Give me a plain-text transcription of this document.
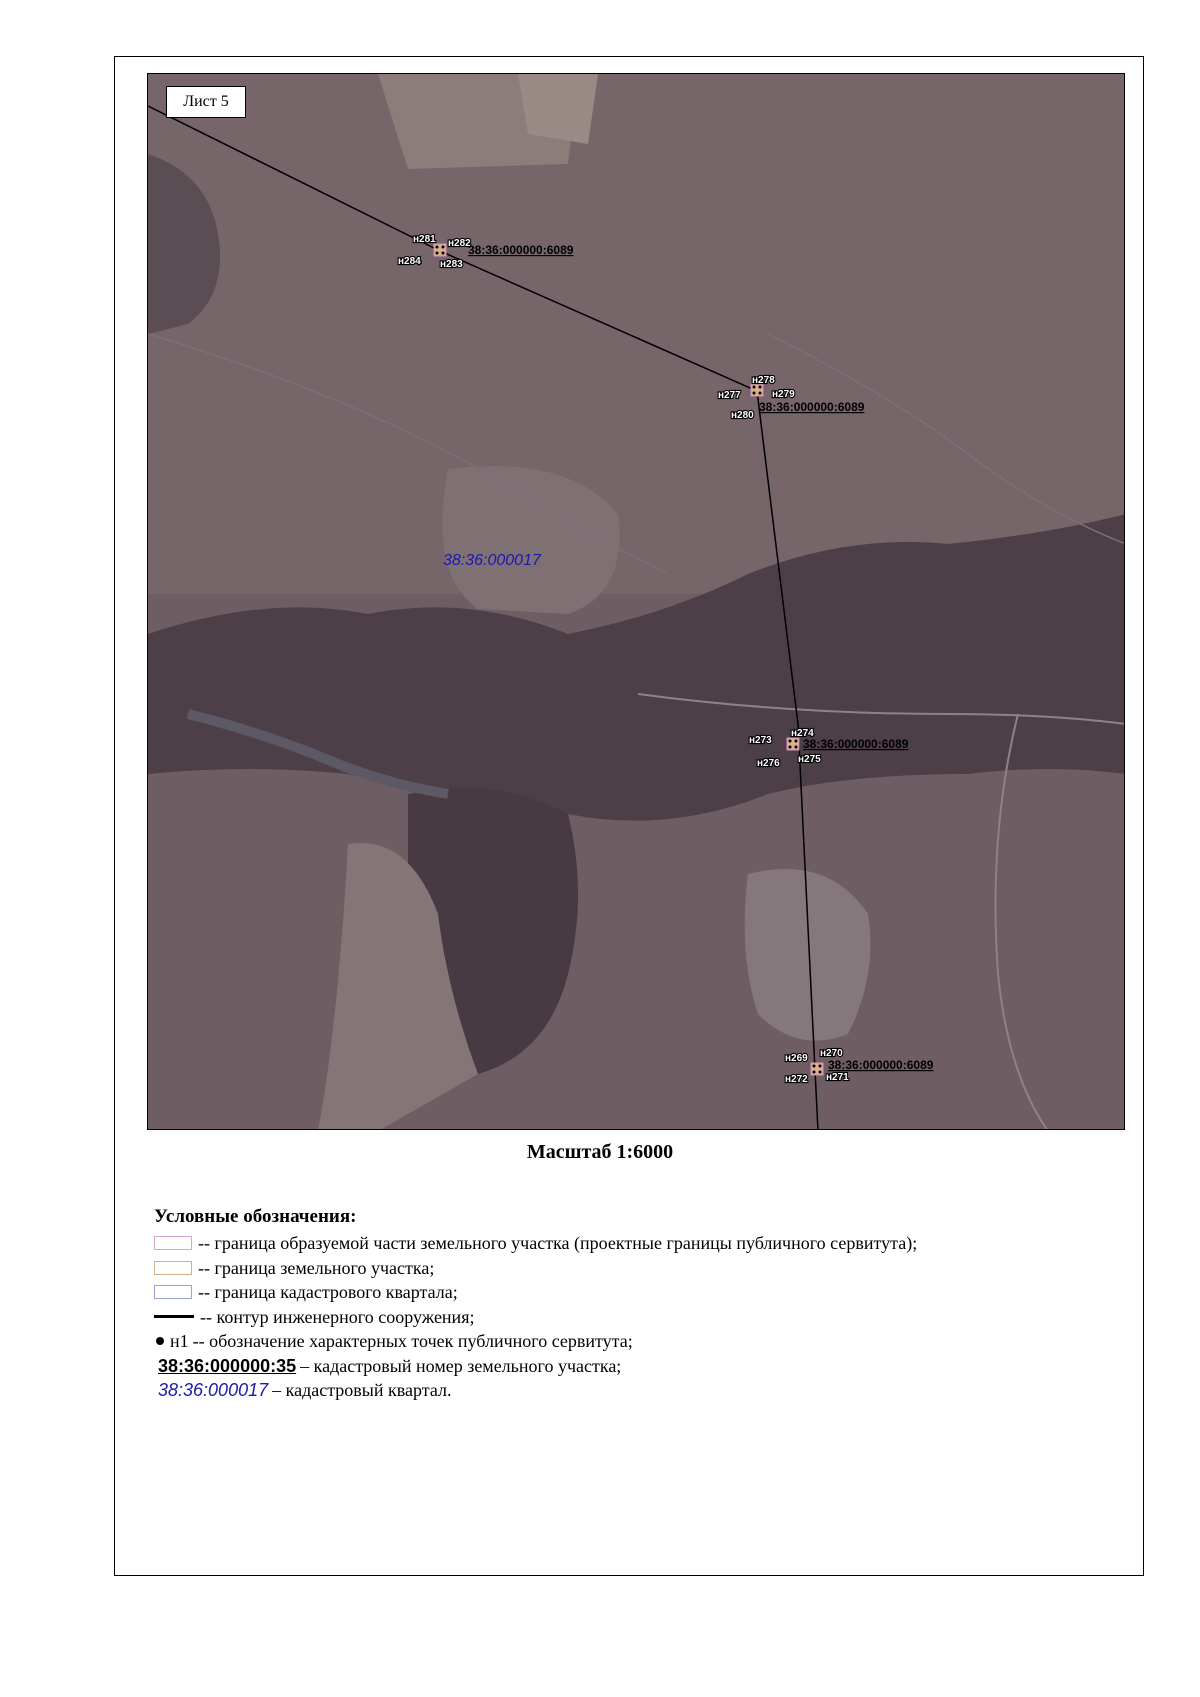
38:36:000017
н281 н282
н284 н283
38:36:000000:6089
н278
н277	н279
н280
38:36:000000:6089
н273
н274
н276 н275
38:36:000000:6089
н269 н270
н272 н271
38:36:000000:6089
Лист 5
Масштаб 1:6000
Условные обозначения:
-- граница образуемой части земельного участка (проектные границы публичного сервитута);
-- граница земельного участка;
-- граница кадастрового квартала;
-- контур инженерного сооружения;
н1 -- обозначение характерных точек публичного сервитута;
38:36:000000:35 – кадастровый номер земельного участка;
38:36:000017 – кадастровый квартал.
